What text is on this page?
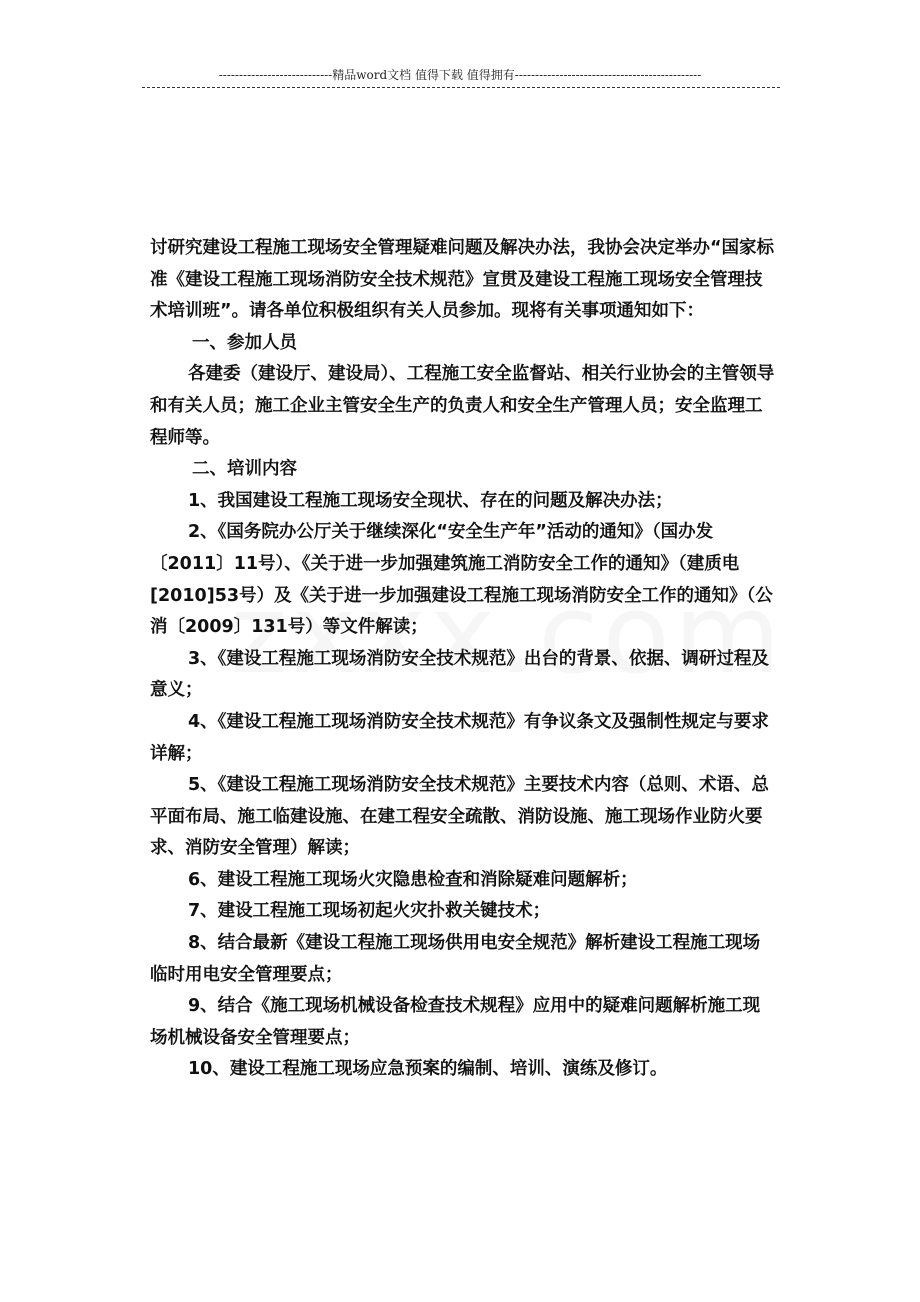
----------------------------精品word文档 值得下载 值得拥有----------------------------------------------

讨研究建设工程施工现场安全管理疑难问题及解决办法，我协会决定举办“国家标准《建设工程施工现场消防安全技术规范》宣贯及建设工程施工现场安全管理技术培训班”。请各单位积极组织有关人员参加。现将有关事项通知如下：

一、参加人员

各建委（建设厅、建设局）、工程施工安全监督站、相关行业协会的主管领导和有关人员；施工企业主管安全生产的负责人和安全生产管理人员；安全监理工程师等。

二、培训内容

1、我国建设工程施工现场安全现状、存在的问题及解决办法；

2、《国务院办公厅关于继续深化“安全生产年”活动的通知》（国办发〔2011〕11号）、《关于进一步加强建筑施工消防安全工作的通知》（建质电[2010]53号）及《关于进一步加强建设工程施工现场消防安全工作的通知》（公消〔2009〕131号）等文件解读；

3、《建设工程施工现场消防安全技术规范》出台的背景、依据、调研过程及意义；

4、《建设工程施工现场消防安全技术规范》有争议条文及强制性规定与要求详解；

5、《建设工程施工现场消防安全技术规范》主要技术内容（总则、术语、总平面布局、施工临建设施、在建工程安全疏散、消防设施、施工现场作业防火要求、消防安全管理）解读；

6、建设工程施工现场火灾隐患检查和消除疑难问题解析；

7、建设工程施工现场初起火灾扑救关键技术；

8、结合最新《建设工程施工现场供用电安全规范》解析建设工程施工现场临时用电安全管理要点；

9、结合《施工现场机械设备检查技术规程》应用中的疑难问题解析施工现场机械设备安全管理要点；

10、建设工程施工现场应急预案的编制、培训、演练及修订。
